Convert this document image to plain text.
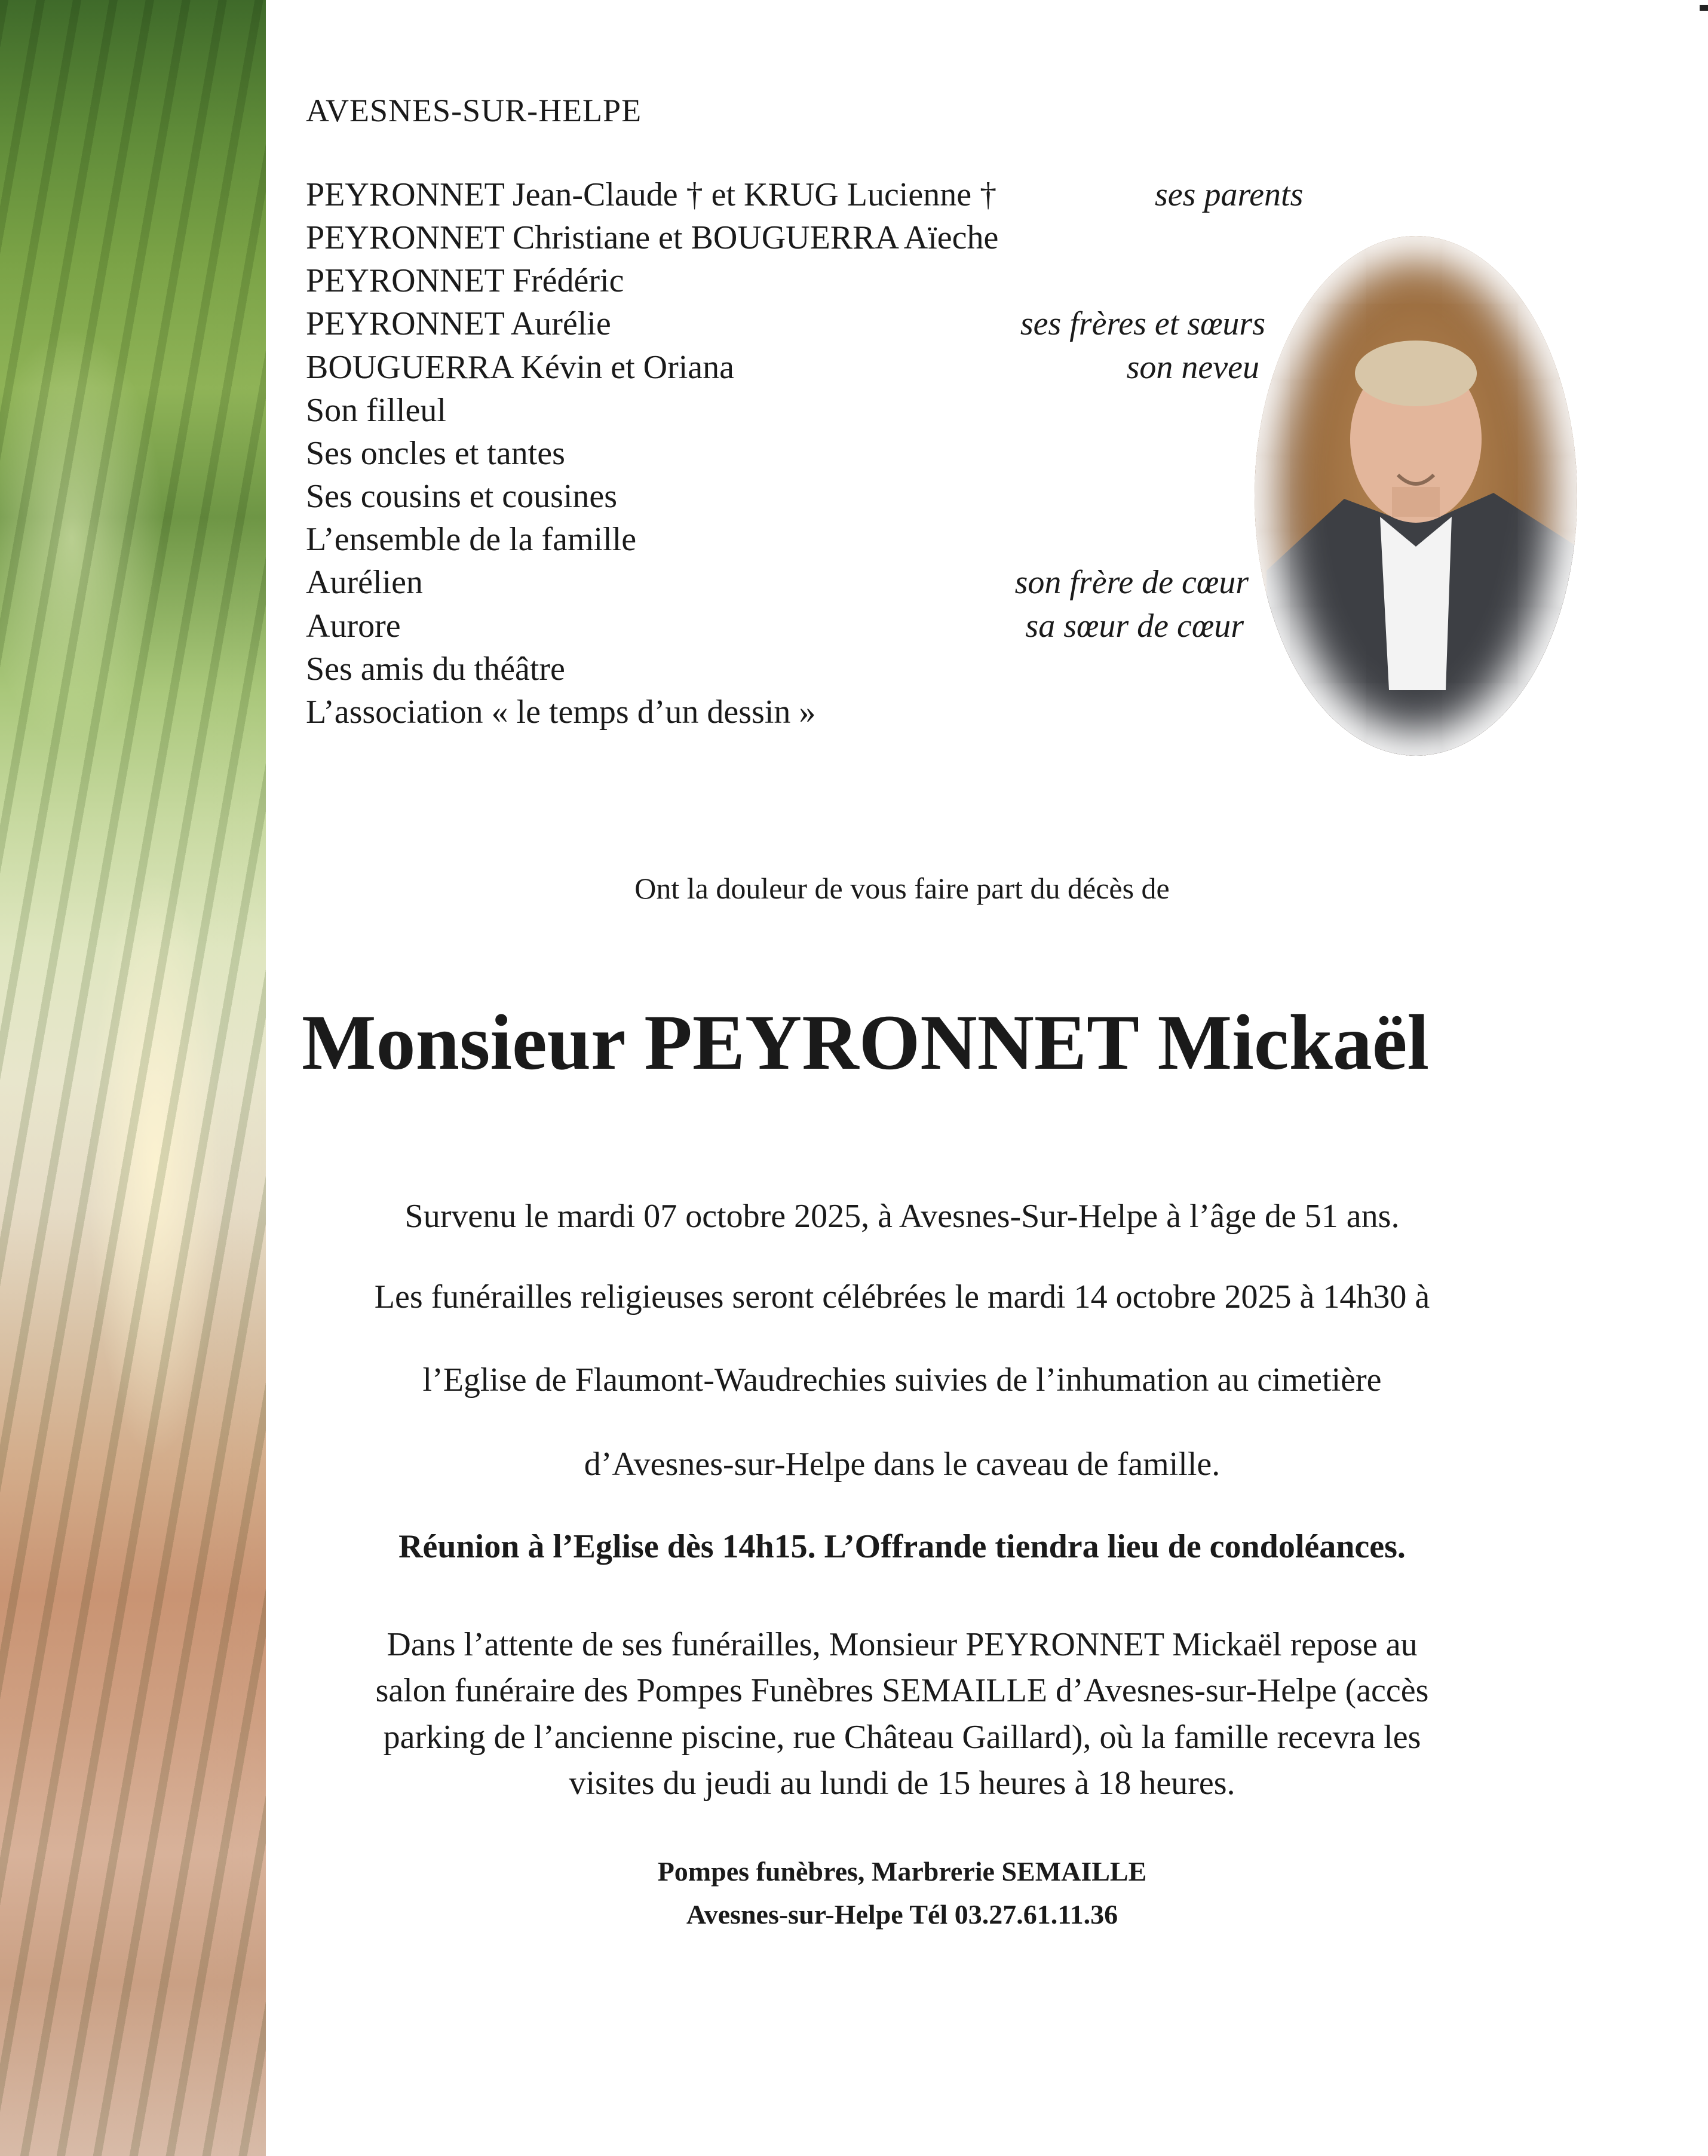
AVESNES-SUR-HELPE
PEYRONNET Jean-Claude † et KRUG Lucienne †
PEYRONNET Christiane et BOUGUERRA Aïeche
PEYRONNET Frédéric
PEYRONNET Aurélie
BOUGUERRA Kévin et Oriana
Son filleul
Ses oncles et tantes
Ses cousins et cousines
L’ensemble de la famille
Aurélien
Aurore
Ses amis du théâtre
L’association « le temps d’un dessin »
ses parents
ses frères et sœurs
son neveu
son frère de cœur
sa sœur de cœur
Ont la douleur de vous faire part du décès de
Monsieur PEYRONNET Mickaël
Survenu le mardi 07 octobre 2025, à Avesnes-Sur-Helpe à l’âge de 51 ans.
Les funérailles religieuses seront célébrées le mardi 14 octobre 2025 à 14h30 à
l’Eglise de Flaumont-Waudrechies suivies de l’inhumation au cimetière
d’Avesnes-sur-Helpe dans le caveau de famille.
Réunion à l’Eglise dès 14h15. L’Offrande tiendra lieu de condoléances.
Dans l’attente de ses funérailles, Monsieur PEYRONNET Mickaël repose au
salon funéraire des Pompes Funèbres SEMAILLE d’Avesnes-sur-Helpe (accès
parking de l’ancienne piscine, rue Château Gaillard), où la famille recevra les
visites du jeudi au lundi de 15 heures à 18 heures.
Pompes funèbres, Marbrerie SEMAILLE
Avesnes-sur-Helpe Tél 03.27.61.11.36
